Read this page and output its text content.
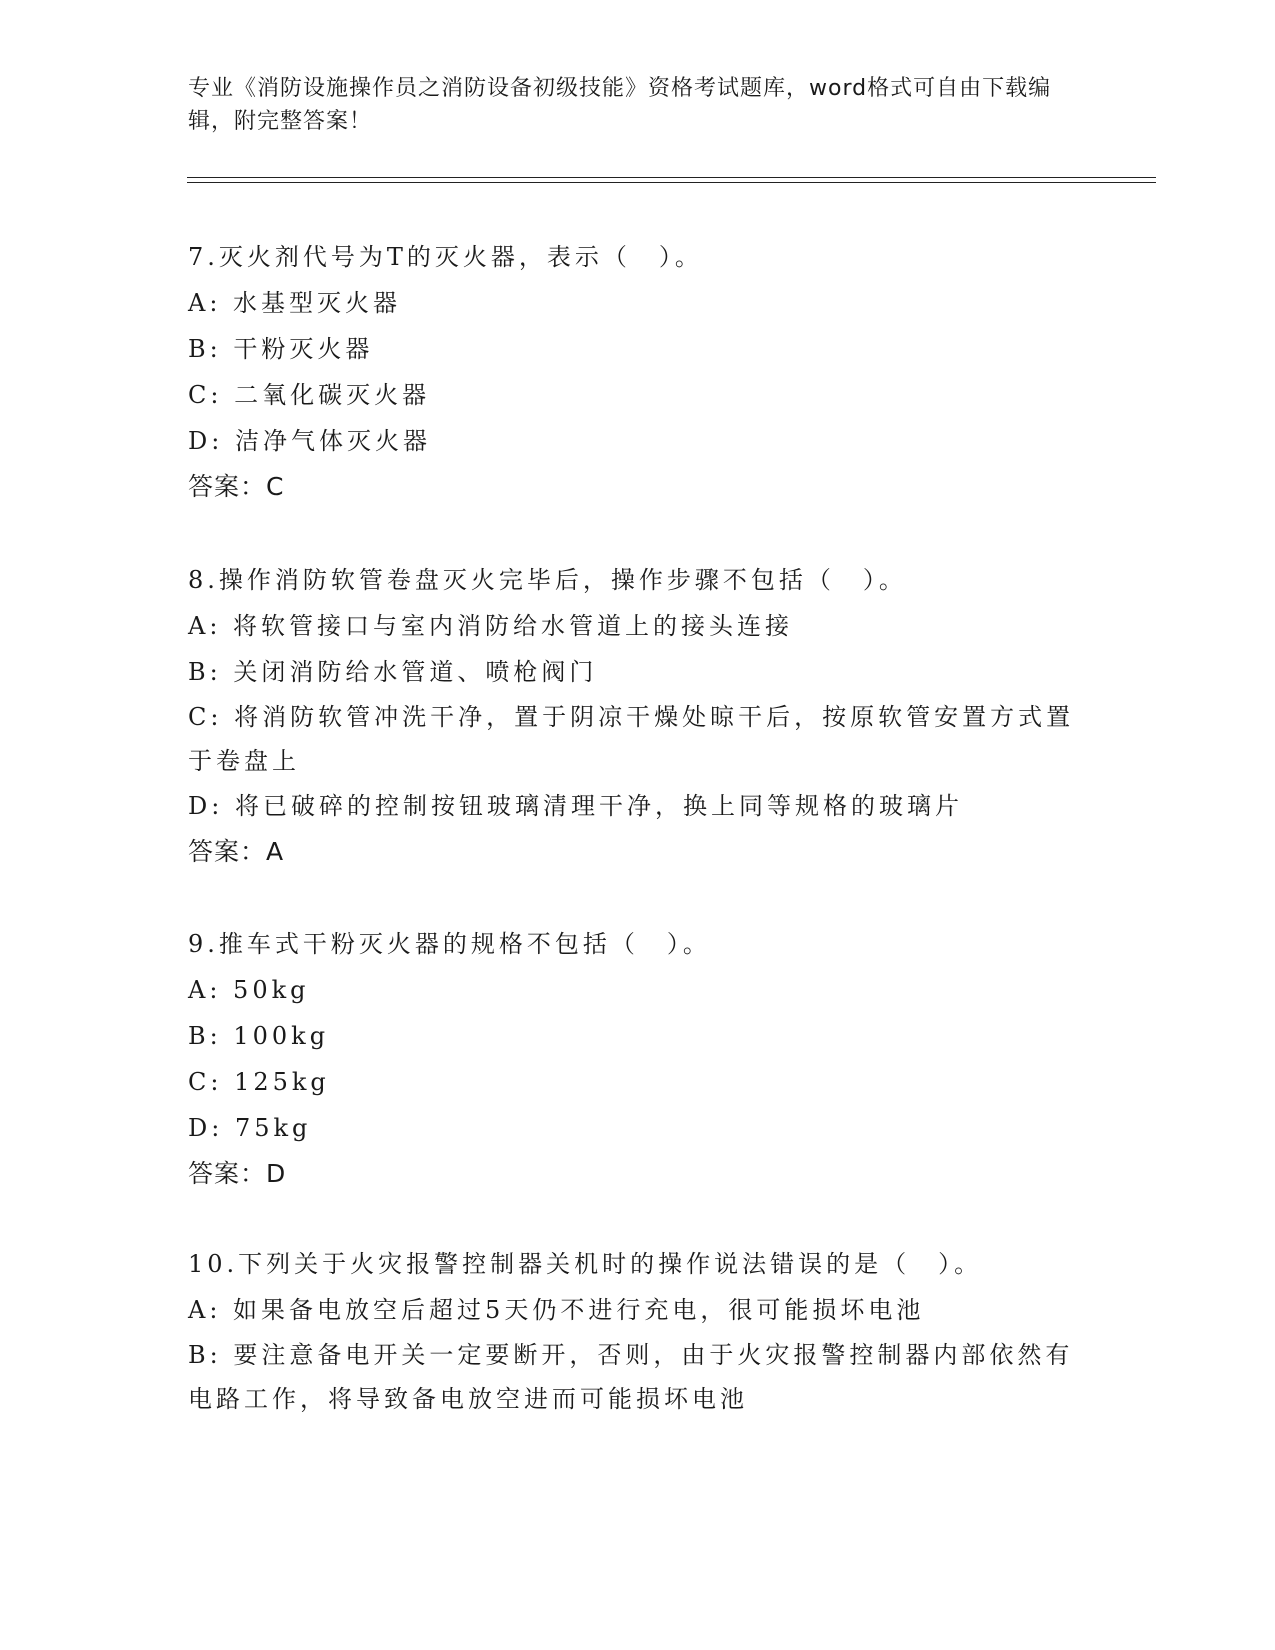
专业《消防设施操作员之消防设备初级技能》资格考试题库，word格式可自由下载编辑，附完整答案！
7.灭火剂代号为T的灭火器，表示（　）。
A: 水基型灭火器
B: 干粉灭火器
C: 二氧化碳灭火器
D: 洁净气体灭火器
答案：C
8.操作消防软管卷盘灭火完毕后，操作步骤不包括（　）。
A: 将软管接口与室内消防给水管道上的接头连接
B: 关闭消防给水管道、喷枪阀门
C: 将消防软管冲洗干净，置于阴凉干燥处晾干后，按原软管安置方式置于卷盘上
D: 将已破碎的控制按钮玻璃清理干净，换上同等规格的玻璃片
答案：A
9.推车式干粉灭火器的规格不包括（　）。
A: 50kg
B: 100kg
C: 125kg
D: 75kg
答案：D
10.下列关于火灾报警控制器关机时的操作说法错误的是（　）。
A: 如果备电放空后超过5天仍不进行充电，很可能损坏电池
B: 要注意备电开关一定要断开，否则，由于火灾报警控制器内部依然有电路工作，将导致备电放空进而可能损坏电池
